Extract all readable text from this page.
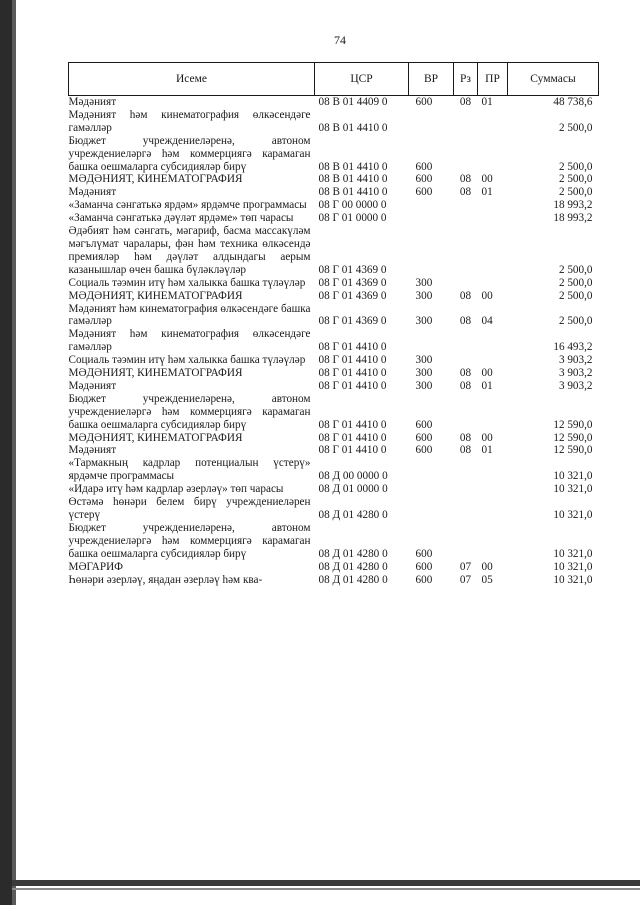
74
Исеме	ЦСР	ВР	Рз	ПР	Суммасы
Мәдәният	08 В 01 4409 0	600	08	01	48 738,6
Мәдәният һәм кинематография өлкәсендәге гамәлләр	08 В 01 4410 0				2 500,0
Бюджет учреждениеләренә, автоном учреждениеләргә һәм коммерциягә карамаган башка оешмаларга субсидияләр бирү	08 В 01 4410 0	600			2 500,0
МӘДӘНИЯТ, КИНЕМАТОГРАФИЯ	08 В 01 4410 0	600	08	00	2 500,0
Мәдәният	08 В 01 4410 0	600	08	01	2 500,0
«Заманча сәнгатькә ярдәм» ярдәмче программасы	08 Г 00 0000 0				18 993,2
«Заманча сәнгатькә дәүләт ярдәме» төп чарасы	08 Г 01 0000 0				18 993,2
Әдәбият һәм сәнгать, мәгариф, басма массакүләм мәгълүмат чаралары, фән һәм техника өлкәсендә премияләр һәм дәүләт алдындагы аерым казанышлар өчен башка бүләкләүләр	08 Г 01 4369 0				2 500,0
Социаль тәэмин итү һәм халыкка башка түләүләр	08 Г 01 4369 0	300			2 500,0
МӘДӘНИЯТ, КИНЕМАТОГРАФИЯ	08 Г 01 4369 0	300	08	00	2 500,0
Мәдәният һәм кинематография өлкәсендәге башка гамәлләр	08 Г 01 4369 0	300	08	04	2 500,0
Мәдәният һәм кинематография өлкәсендәге гамәлләр	08 Г 01 4410 0				16 493,2
Социаль тәэмин итү һәм халыкка башка түләүләр	08 Г 01 4410 0	300			3 903,2
МӘДӘНИЯТ, КИНЕМАТОГРАФИЯ	08 Г 01 4410 0	300	08	00	3 903,2
Мәдәният	08 Г 01 4410 0	300	08	01	3 903,2
Бюджет учреждениеләренә, автоном учреждениеләргә һәм коммерциягә карамаган башка оешмаларга субсидияләр бирү	08 Г 01 4410 0	600			12 590,0
МӘДӘНИЯТ, КИНЕМАТОГРАФИЯ	08 Г 01 4410 0	600	08	00	12 590,0
Мәдәният	08 Г 01 4410 0	600	08	01	12 590,0
«Тармакның кадрлар потенциалын үстерү» ярдәмче программасы	08 Д 00 0000 0				10 321,0
«Идарә итү һәм кадрлар әзерләү» төп чарасы	08 Д 01 0000 0				10 321,0
Өстәмә һөнәри белем бирү учреждениеләрен үстерү	08 Д 01 4280 0				10 321,0
Бюджет учреждениеләренә, автоном учреждениеләргә һәм коммерциягә карамаган башка оешмаларга субсидияләр бирү	08 Д 01 4280 0	600			10 321,0
МӘГАРИФ	08 Д 01 4280 0	600	07	00	10 321,0
Һөнәри әзерләү, яңадан әзерләү һәм ква-	08 Д 01 4280 0	600	07	05	10 321,0
